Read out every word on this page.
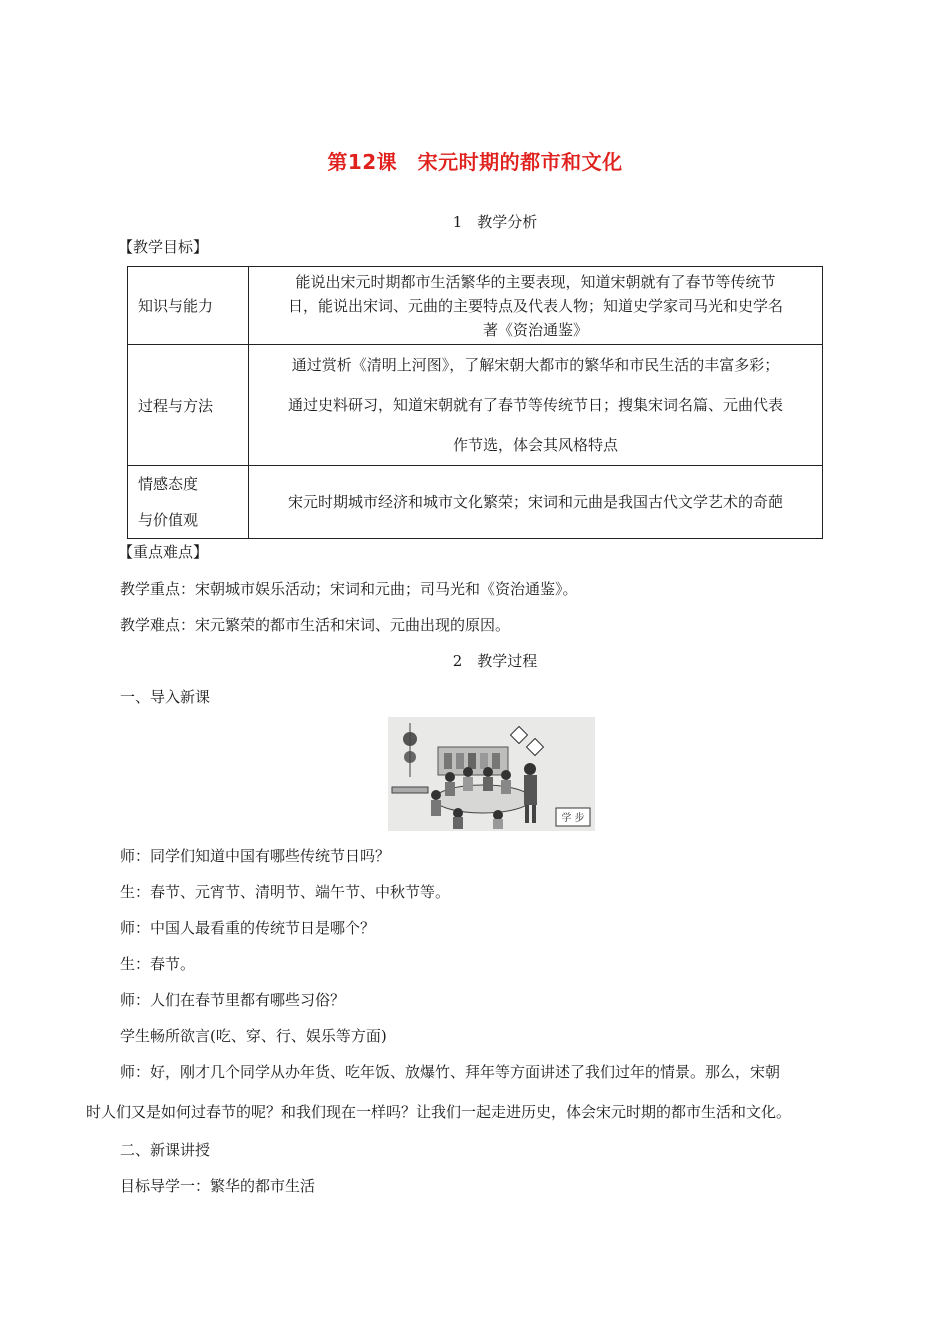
第12课　宋元时期的都市和文化
1　教学分析
【教学目标】
知识与能力	能说出宋元时期都市生活繁华的主要表现，知道宋朝就有了春节等传统节
日，能说出宋词、元曲的主要特点及代表人物；知道史学家司马光和史学名
著《资治通鉴》

过程与方法	通过赏析《清明上河图》，了解宋朝大都市的繁华和市民生活的丰富多彩；

通过史料研习，知道宋朝就有了春节等传统节日；搜集宋词名篇、元曲代表

作节选，体会其风格特点

情感态度

与价值观	宋元时期城市经济和城市文化繁荣；宋词和元曲是我国古代文学艺术的奇葩
【重点难点】
教学重点：宋朝城市娱乐活动；宋词和元曲；司马光和《资治通鉴》。
教学难点：宋元繁荣的都市生活和宋词、元曲出现的原因。
2　教学过程
一、导入新课
学 步
师：同学们知道中国有哪些传统节日吗？
生：春节、元宵节、清明节、端午节、中秋节等。
师：中国人最看重的传统节日是哪个？
生：春节。
师：人们在春节里都有哪些习俗？
学生畅所欲言(吃、穿、行、娱乐等方面)
师：好，刚才几个同学从办年货、吃年饭、放爆竹、拜年等方面讲述了我们过年的情景。那么，宋朝
时人们又是如何过春节的呢？和我们现在一样吗？让我们一起走进历史，体会宋元时期的都市生活和文化。
二、新课讲授
目标导学一：繁华的都市生活
